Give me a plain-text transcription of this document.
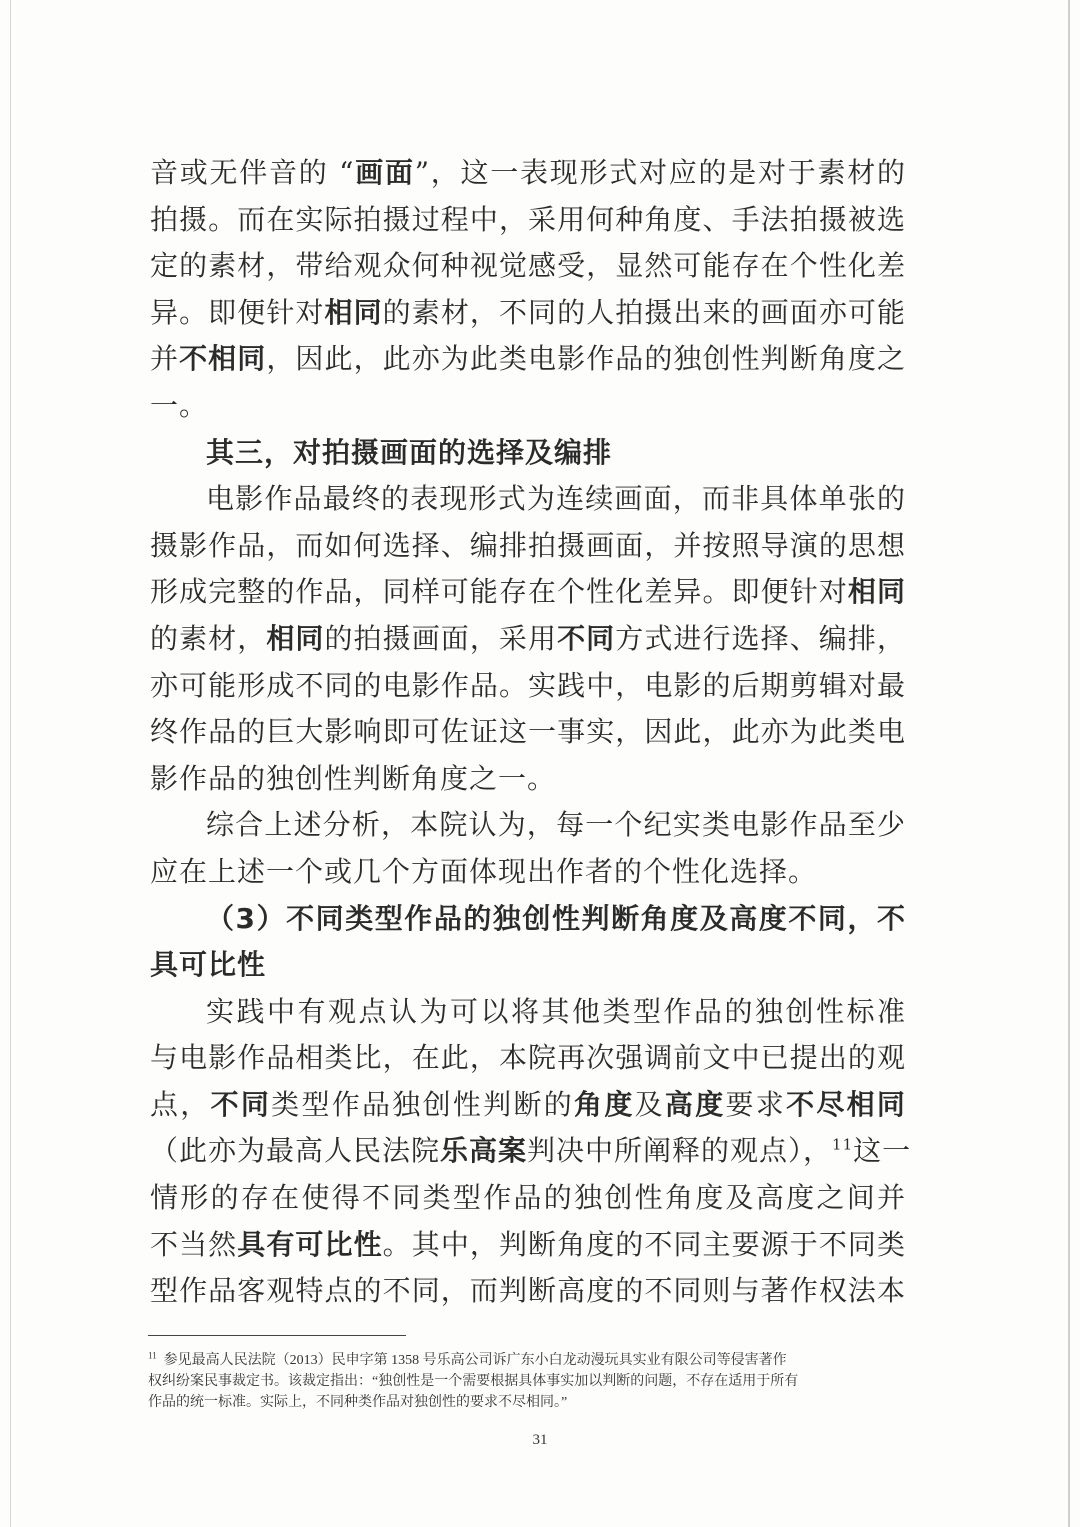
音或无伴音的 “画面”，这一表现形式对应的是对于素材的
拍摄。而在实际拍摄过程中，采用何种角度、手法拍摄被选
定的素材，带给观众何种视觉感受，显然可能存在个性化差
异。即便针对相同的素材，不同的人拍摄出来的画面亦可能
并不相同，因此，此亦为此类电影作品的独创性判断角度之
一。
其三，对拍摄画面的选择及编排
电影作品最终的表现形式为连续画面，而非具体单张的
摄影作品，而如何选择、编排拍摄画面，并按照导演的思想
形成完整的作品，同样可能存在个性化差异。即便针对相同
的素材，相同的拍摄画面，采用不同方式进行选择、编排，
亦可能形成不同的电影作品。实践中，电影的后期剪辑对最
终作品的巨大影响即可佐证这一事实，因此，此亦为此类电
影作品的独创性判断角度之一。
综合上述分析，本院认为，每一个纪实类电影作品至少
应在上述一个或几个方面体现出作者的个性化选择。
（3）不同类型作品的独创性判断角度及高度不同，不
具可比性
实践中有观点认为可以将其他类型作品的独创性标准
与电影作品相类比，在此，本院再次强调前文中已提出的观
点，不同类型作品独创性判断的角度及高度要求不尽相同
（此亦为最高人民法院乐高案判决中所阐释的观点），$^{11}$这一
情形的存在使得不同类型作品的独创性角度及高度之间并
不当然具有可比性。其中，判断角度的不同主要源于不同类
型作品客观特点的不同，而判断高度的不同则与著作权法本
$^{11}$ 参见最高人民法院（2013）民申字第 1358 号乐高公司诉广东小白龙动漫玩具实业有限公司等侵害著作
权纠纷案民事裁定书。该裁定指出：“独创性是一个需要根据具体事实加以判断的问题，不存在适用于所有
作品的统一标准。实际上，不同种类作品对独创性的要求不尽相同。”
31
